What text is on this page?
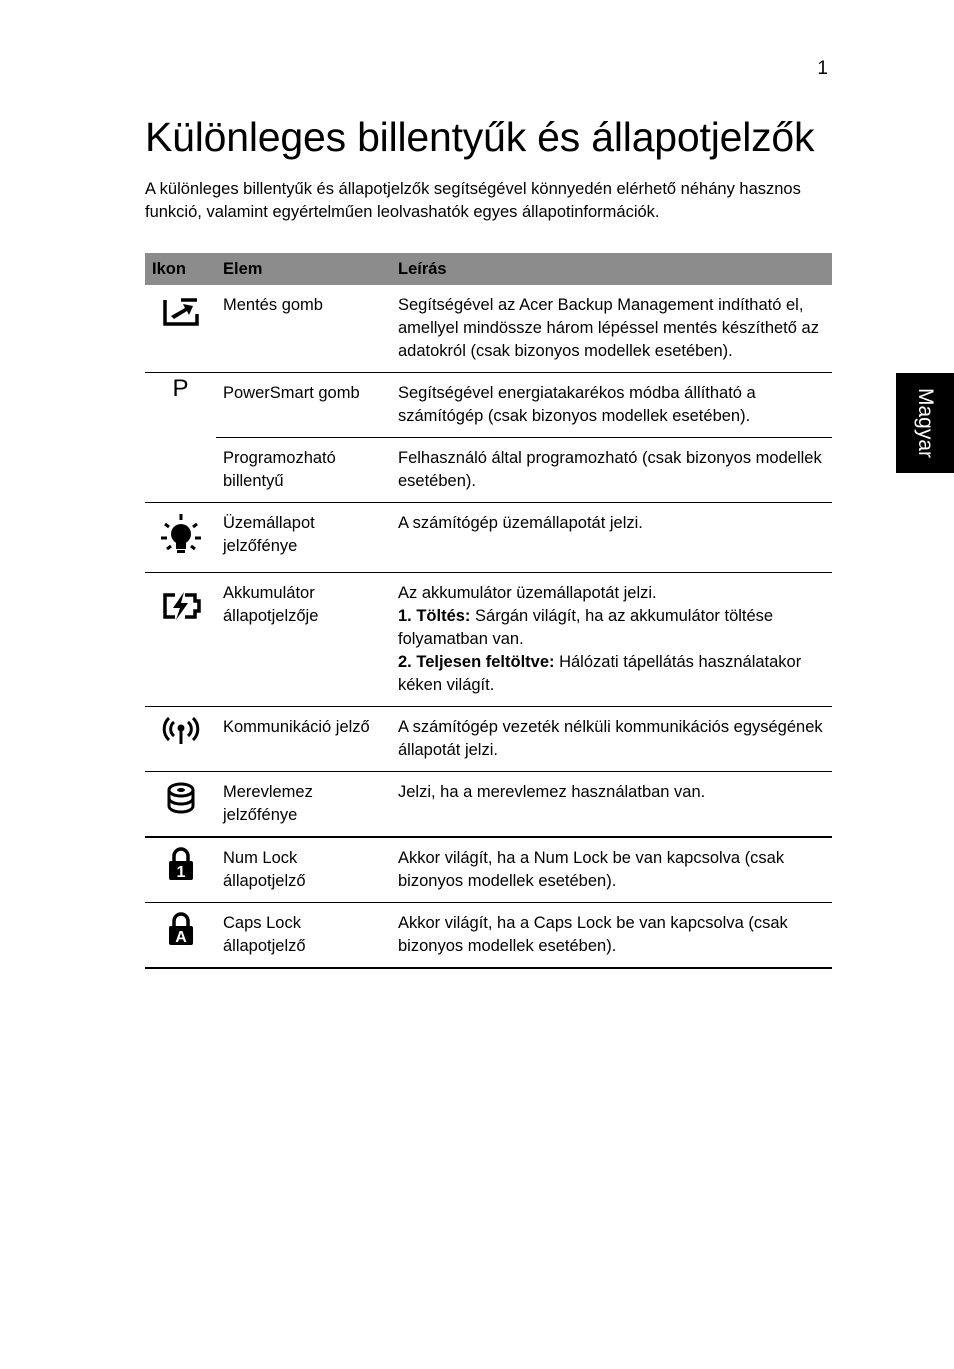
1
Különleges billentyűk és állapotjelzők

A különleges billentyűk és állapotjelzők segítségével könnyedén elérhető néhány hasznos funkció, valamint egyértelműen leolvashatók egyes állapotinformációk.

Magyar
Ikon	Elem	Leírás
	Mentés gomb	Segítségével az Acer Backup Management indítható el, amellyel mindössze három lépéssel mentés készíthető az adatokról (csak bizonyos modellek esetében).
P	PowerSmart gomb	Segítségével energiatakarékos módba állítható a számítógép (csak bizonyos modellek esetében).
	Programozható billentyű	Felhasználó által programozható (csak bizonyos modellek esetében).
	Üzemállapot jelzőfénye	A számítógép üzemállapotát jelzi.
	Akkumulátor állapotjelzője	Az akkumulátor üzemállapotát jelzi.
1. Töltés: Sárgán világít, ha az akkumulátor töltése folyamatban van.
2. Teljesen feltöltve: Hálózati tápellátás használatakor kéken világít.

	Kommunikáció jelző	A számítógép vezeték nélküli kommunikációs egységének állapotát jelzi.
	Merevlemez jelzőfénye	Jelzi, ha a merevlemez használatban van.

1	Num Lock állapotjelző	Akkor világít, ha a Num Lock be van kapcsolva (csak bizonyos modellek esetében).

A	Caps Lock állapotjelző	Akkor világít, ha a Caps Lock be van kapcsolva (csak bizonyos modellek esetében).
